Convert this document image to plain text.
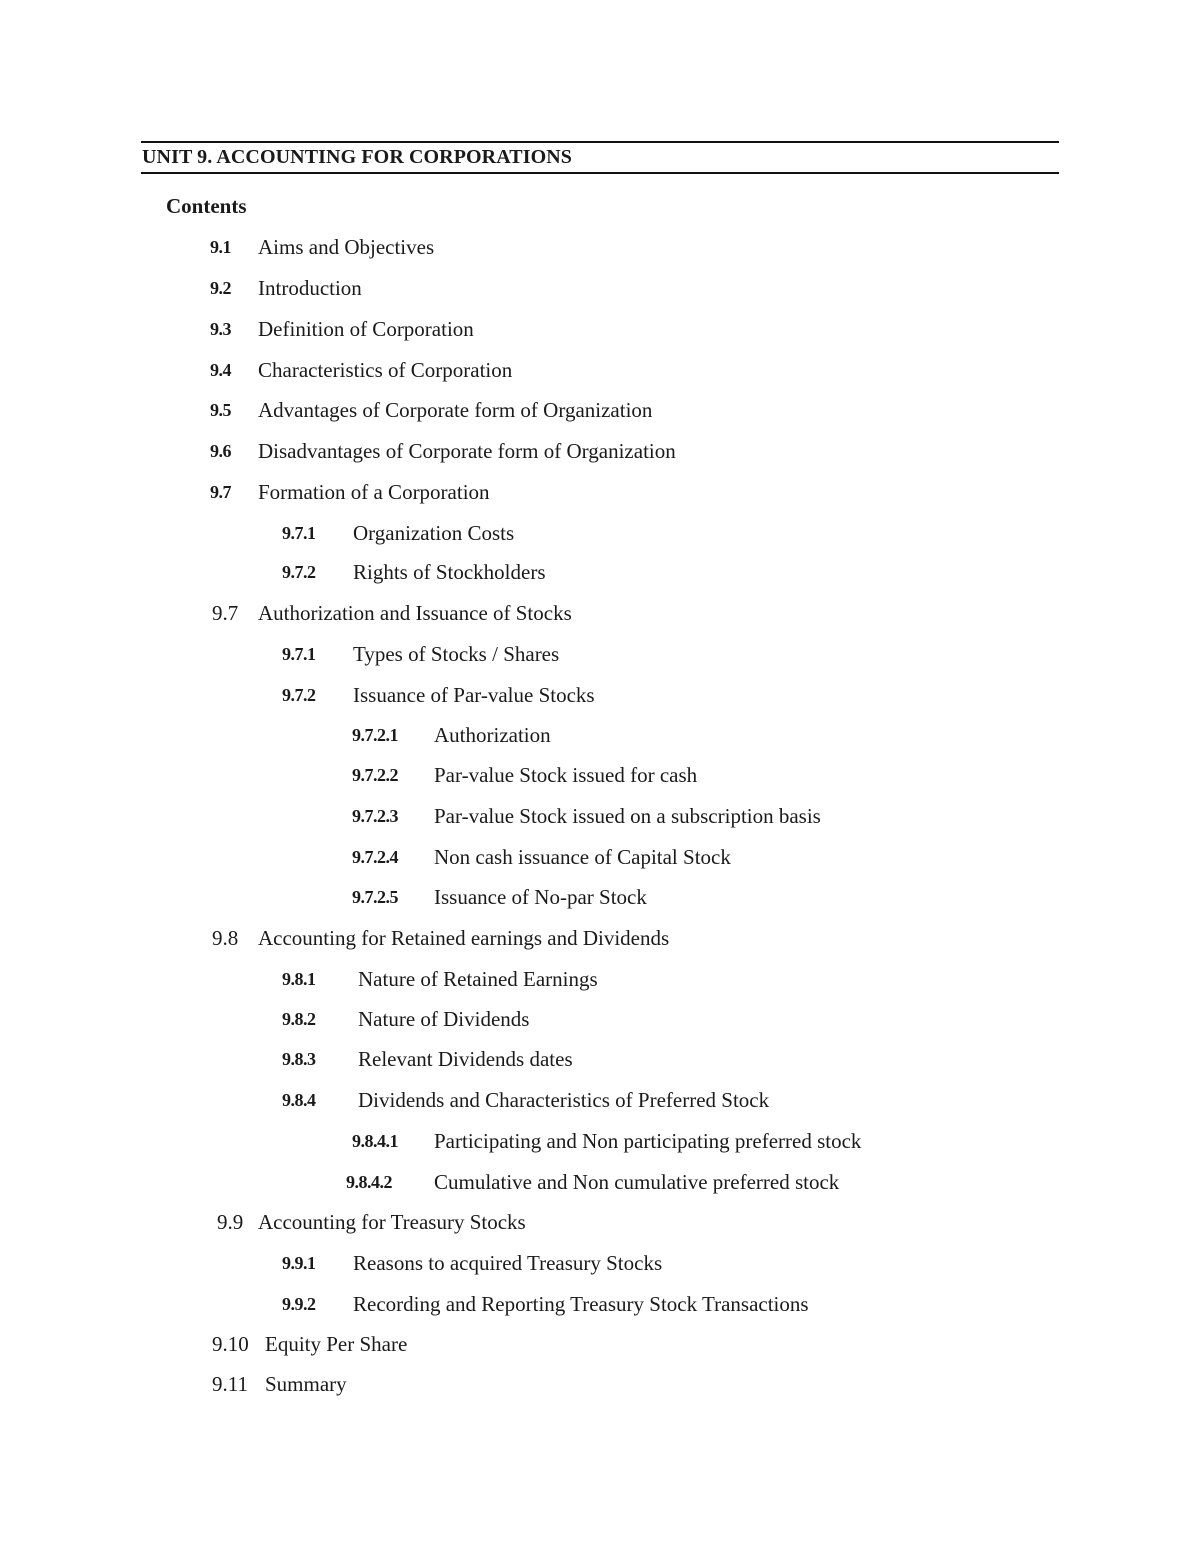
UNIT 9. ACCOUNTING FOR CORPORATIONS
Contents
9.1 Aims and Objectives
9.2 Introduction
9.3 Definition of Corporation
9.4 Characteristics of Corporation
9.5 Advantages of Corporate form of Organization
9.6 Disadvantages of Corporate form of Organization
9.7 Formation of a Corporation
9.7.1 Organization Costs
9.7.2 Rights of Stockholders
9.7 Authorization and Issuance of Stocks
9.7.1 Types of Stocks / Shares
9.7.2 Issuance of Par-value Stocks
9.7.2.1 Authorization
9.7.2.2 Par-value Stock issued for cash
9.7.2.3 Par-value Stock issued on a subscription basis
9.7.2.4 Non cash issuance of Capital Stock
9.7.2.5 Issuance of No-par Stock
9.8 Accounting for Retained earnings and Dividends
9.8.1 Nature of Retained Earnings
9.8.2 Nature of Dividends
9.8.3 Relevant Dividends dates
9.8.4 Dividends and Characteristics of Preferred Stock
9.8.4.1 Participating and Non participating preferred stock
9.8.4.2 Cumulative and Non cumulative preferred stock
9.9 Accounting for Treasury Stocks
9.9.1 Reasons to acquired Treasury Stocks
9.9.2 Recording and Reporting Treasury Stock Transactions
9.10 Equity Per Share
9.11 Summary
